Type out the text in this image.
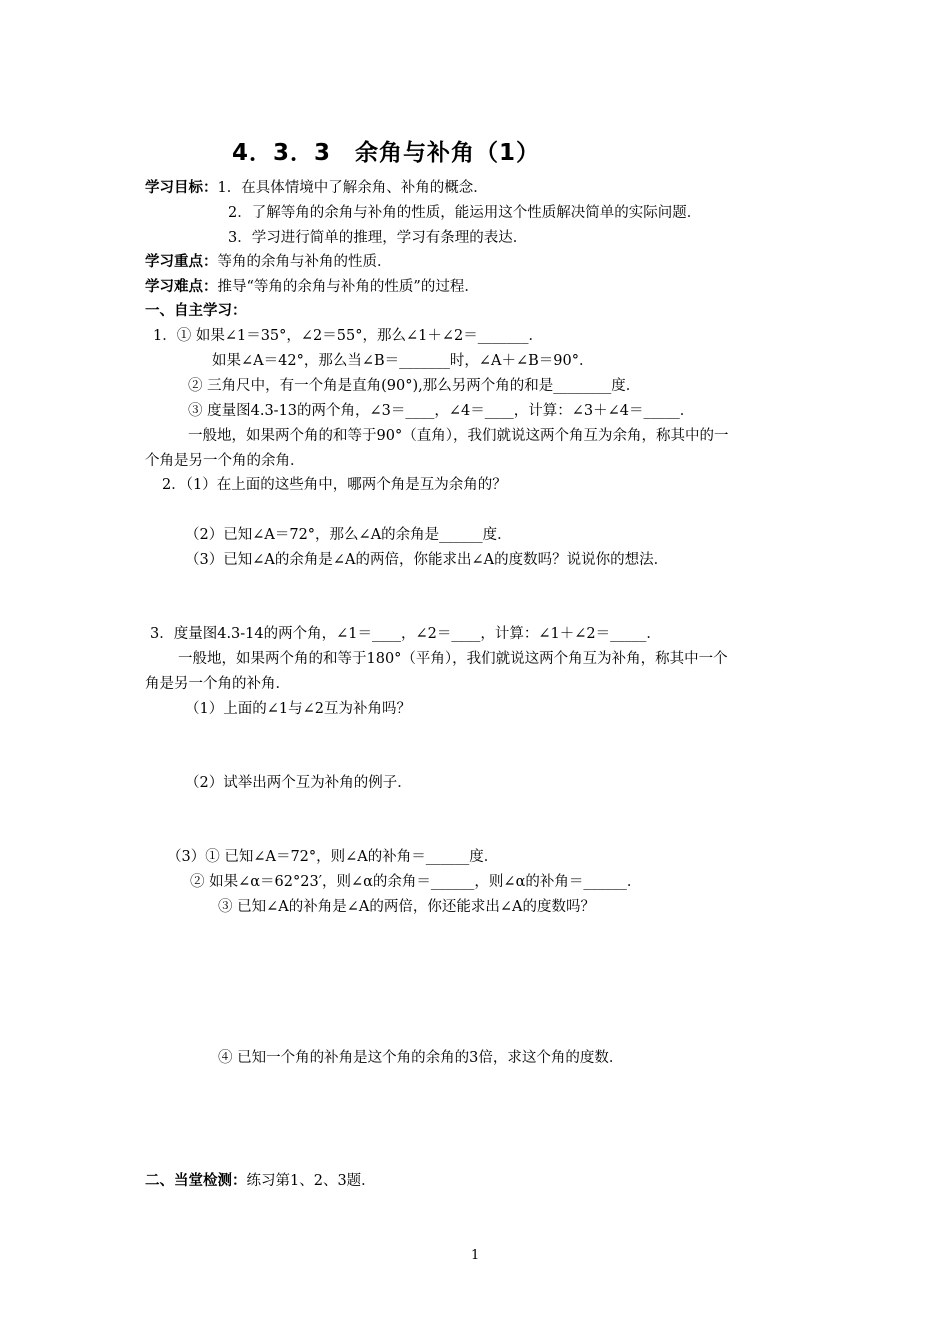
4．3．3　余角与补角（1）
学习目标：1．在具体情境中了解余角、补角的概念．
2．了解等角的余角与补角的性质，能运用这个性质解决简单的实际问题．
3．学习进行简单的推理，学习有条理的表达．
学习重点：等角的余角与补角的性质．
学习难点：推导“等角的余角与补角的性质”的过程．
一、自主学习：
1．① 如果∠1＝35°，∠2＝55°，那么∠1＋∠2＝_______．
如果∠A＝42°，那么当∠B＝_______时，∠A＋∠B＝90°．
② 三角尺中，有一个角是直角(90°),那么另两个角的和是________度．
③ 度量图4.3-13的两个角，∠3＝____，∠4＝____，计算：∠3＋∠4＝_____．
一般地，如果两个角的和等于90°（直角），我们就说这两个角互为余角，称其中的一
个角是另一个角的余角．
2．（1）在上面的这些角中，哪两个角是互为余角的？
（2）已知∠A＝72°，那么∠A的余角是______度．
（3）已知∠A的余角是∠A的两倍，你能求出∠A的度数吗？说说你的想法．
3．度量图4.3-14的两个角，∠1＝____，∠2＝____，计算：∠1＋∠2＝_____．
一般地，如果两个角的和等于180°（平角），我们就说这两个角互为补角，称其中一个
角是另一个角的补角．
（1）上面的∠1与∠2互为补角吗？
（2）试举出两个互为补角的例子．
（3）① 已知∠A＝72°，则∠A的补角＝______度．
② 如果∠α＝62°23′，则∠α的余角＝______，则∠α的补角＝______．
③ 已知∠A的补角是∠A的两倍，你还能求出∠A的度数吗？
④ 已知一个角的补角是这个角的余角的3倍，求这个角的度数．
二、当堂检测：练习第1、2、3题．
1
